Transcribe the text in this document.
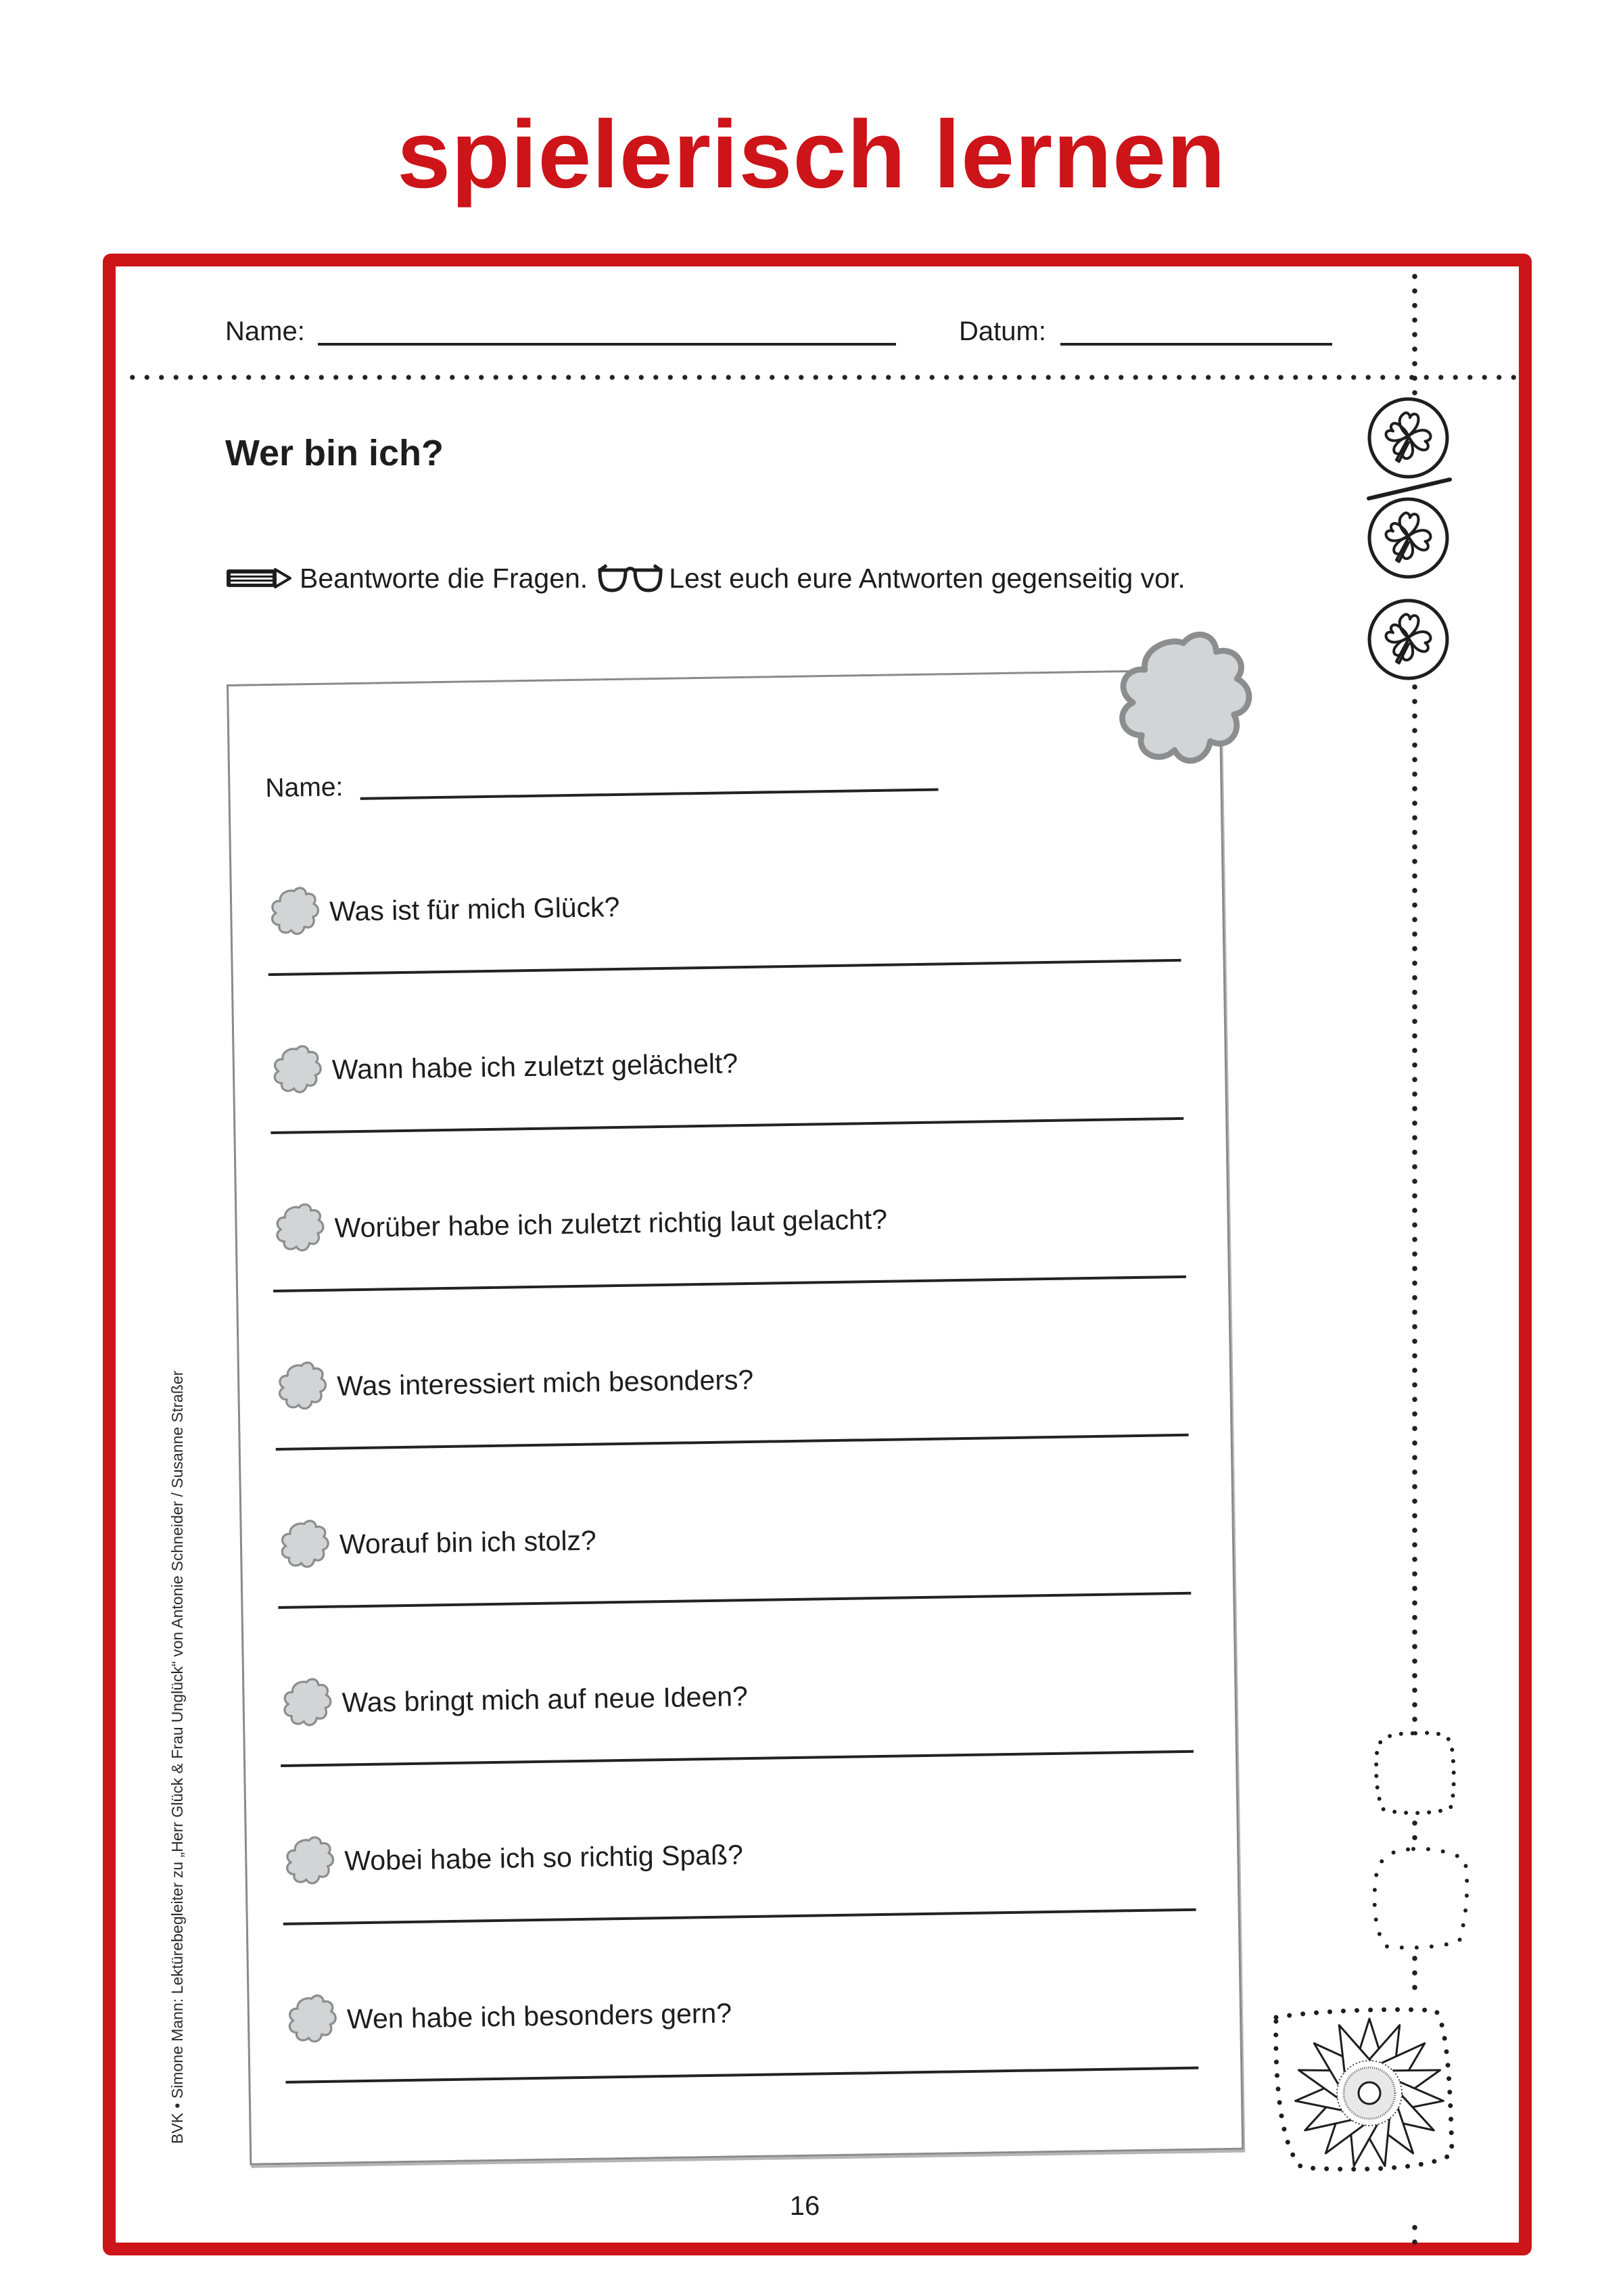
spielerisch lernen
Name:	Datum:
Wer bin ich?
Beantworte die Fragen.	Lest euch eure Antworten gegenseitig vor.
Name:
Was ist für mich Glück?
Wann habe ich zuletzt gelächelt?
Worüber habe ich zuletzt richtig laut gelacht?
Was interessiert mich besonders?
Worauf bin ich stolz?
Was bringt mich auf neue Ideen?
Wobei habe ich so richtig Spaß?
Wen habe ich besonders gern?
16
BVK • Simone Mann: Lektürebegleiter zu „Herr Glück & Frau Unglück“ von Antonie Schneider / Susanne Straßer
